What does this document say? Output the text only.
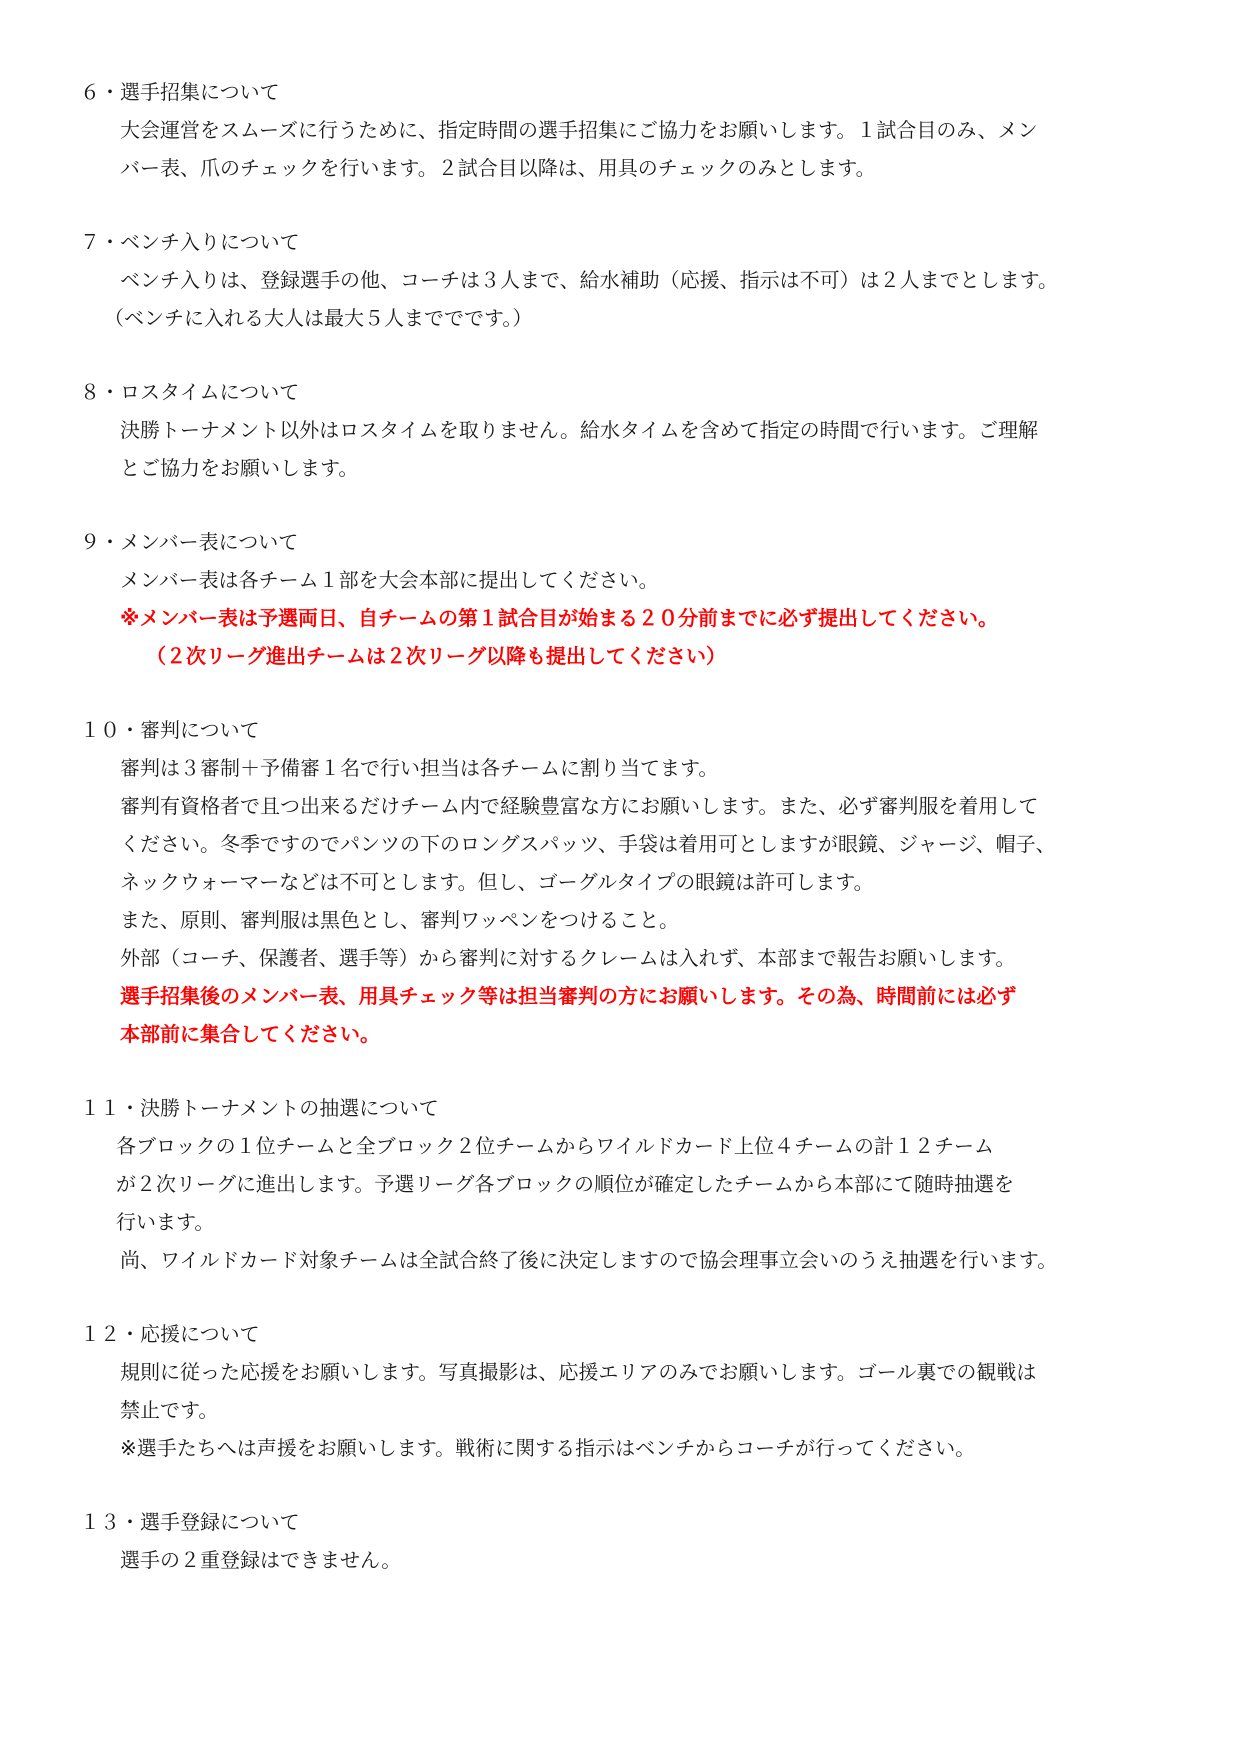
６・選手招集について
大会運営をスムーズに行うために、指定時間の選手招集にご協力をお願いします。１試合目のみ、メン
バー表、爪のチェックを行います。２試合目以降は、用具のチェックのみとします。
７・ベンチ入りについて
ベンチ入りは、登録選手の他、コーチは３人まで、給水補助（応援、指示は不可）は２人までとします。
（ベンチに入れる大人は最大５人まででです。）
８・ロスタイムについて
決勝トーナメント以外はロスタイムを取りません。給水タイムを含めて指定の時間で行います。ご理解
とご協力をお願いします。
９・メンバー表について
メンバー表は各チーム１部を大会本部に提出してください。
※メンバー表は予選両日、自チームの第１試合目が始まる２０分前までに必ず提出してください。
（２次リーグ進出チームは２次リーグ以降も提出してください）
１０・審判について
審判は３審制＋予備審１名で行い担当は各チームに割り当てます。
審判有資格者で且つ出来るだけチーム内で経験豊富な方にお願いします。また、必ず審判服を着用して
ください。冬季ですのでパンツの下のロングスパッツ、手袋は着用可としますが眼鏡、ジャージ、帽子、
ネックウォーマーなどは不可とします。但し、ゴーグルタイプの眼鏡は許可します。
また、原則、審判服は黒色とし、審判ワッペンをつけること。
外部（コーチ、保護者、選手等）から審判に対するクレームは入れず、本部まで報告お願いします。
選手招集後のメンバー表、用具チェック等は担当審判の方にお願いします。その為、時間前には必ず
本部前に集合してください。
１１・決勝トーナメントの抽選について
各ブロックの１位チームと全ブロック２位チームからワイルドカード上位４チームの計１２チーム
が２次リーグに進出します。予選リーグ各ブロックの順位が確定したチームから本部にて随時抽選を
行います。
尚、ワイルドカード対象チームは全試合終了後に決定しますので協会理事立会いのうえ抽選を行います。
１２・応援について
規則に従った応援をお願いします。写真撮影は、応援エリアのみでお願いします。ゴール裏での観戦は
禁止です。
※選手たちへは声援をお願いします。戦術に関する指示はベンチからコーチが行ってください。
１３・選手登録について
選手の２重登録はできません。
